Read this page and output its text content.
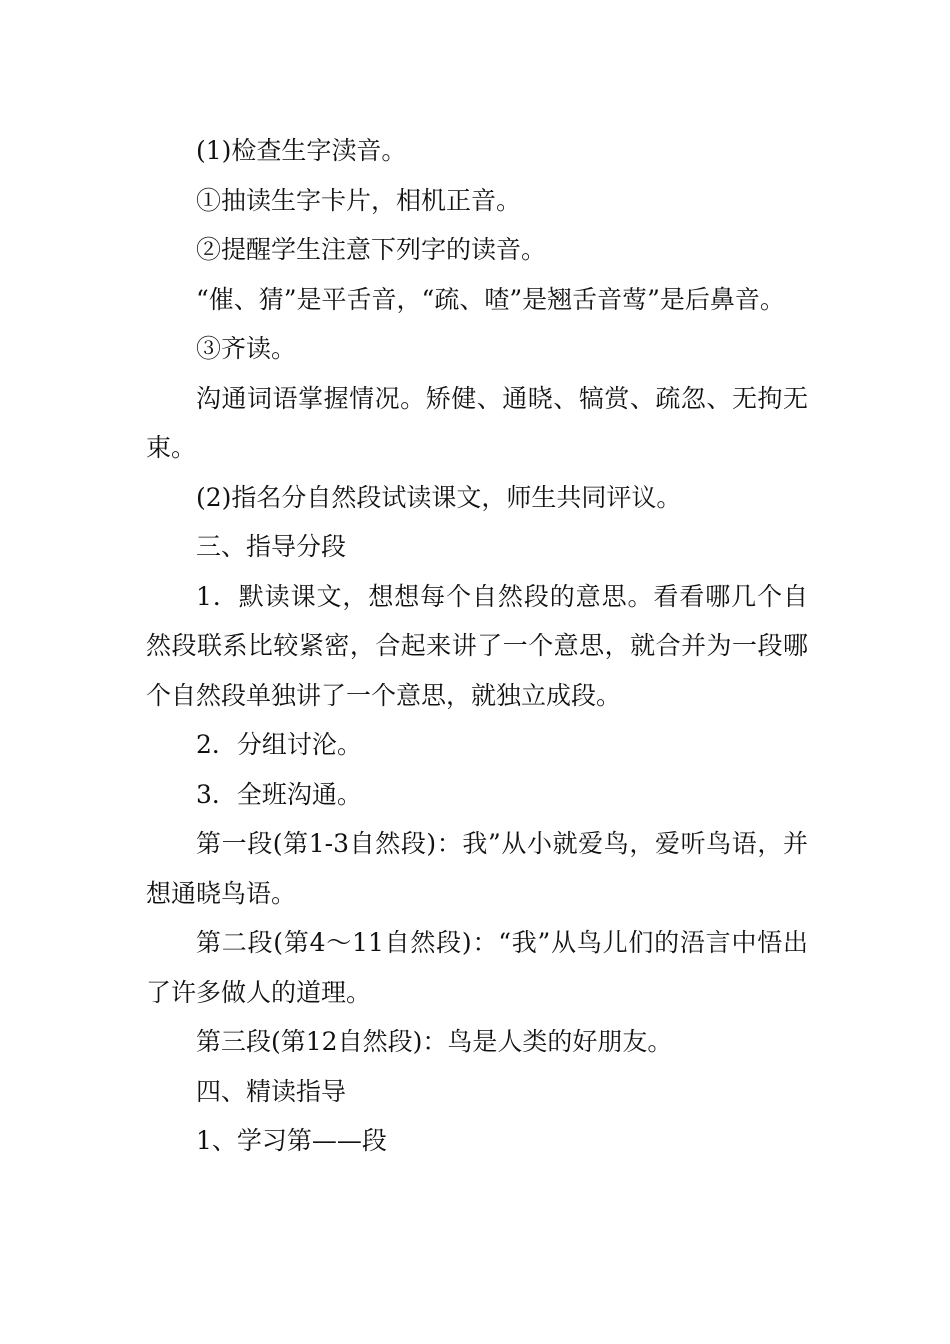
(1)检查生字渎音。

①抽读生字卡片，相机正音。

②提醒学生注意下列字的读音。

“催、猜”是平舌音，“疏、喳”是翘舌音莺”是后鼻音。

③齐读。

沟通词语掌握情况。矫健、通晓、犒赏、疏忽、无拘无束。

(2)指名分自然段试读课文，师生共同评议。

三、指导分段

1．默读课文，想想每个自然段的意思。看看哪几个自然段联系比较紧密，合起来讲了一个意思，就合并为一段哪个自然段单独讲了一个意思，就独立成段。

2．分组讨沦。

3．全班沟通。

第一段(第1-3自然段)：我”从小就爱鸟，爱听鸟语，并想通晓鸟语。

第二段(第4～11自然段)：“我”从鸟儿们的浯言中悟出了许多做人的道理。

第三段(第12自然段)：鸟是人类的好朋友。

四、精读指导

1、学习第——段
